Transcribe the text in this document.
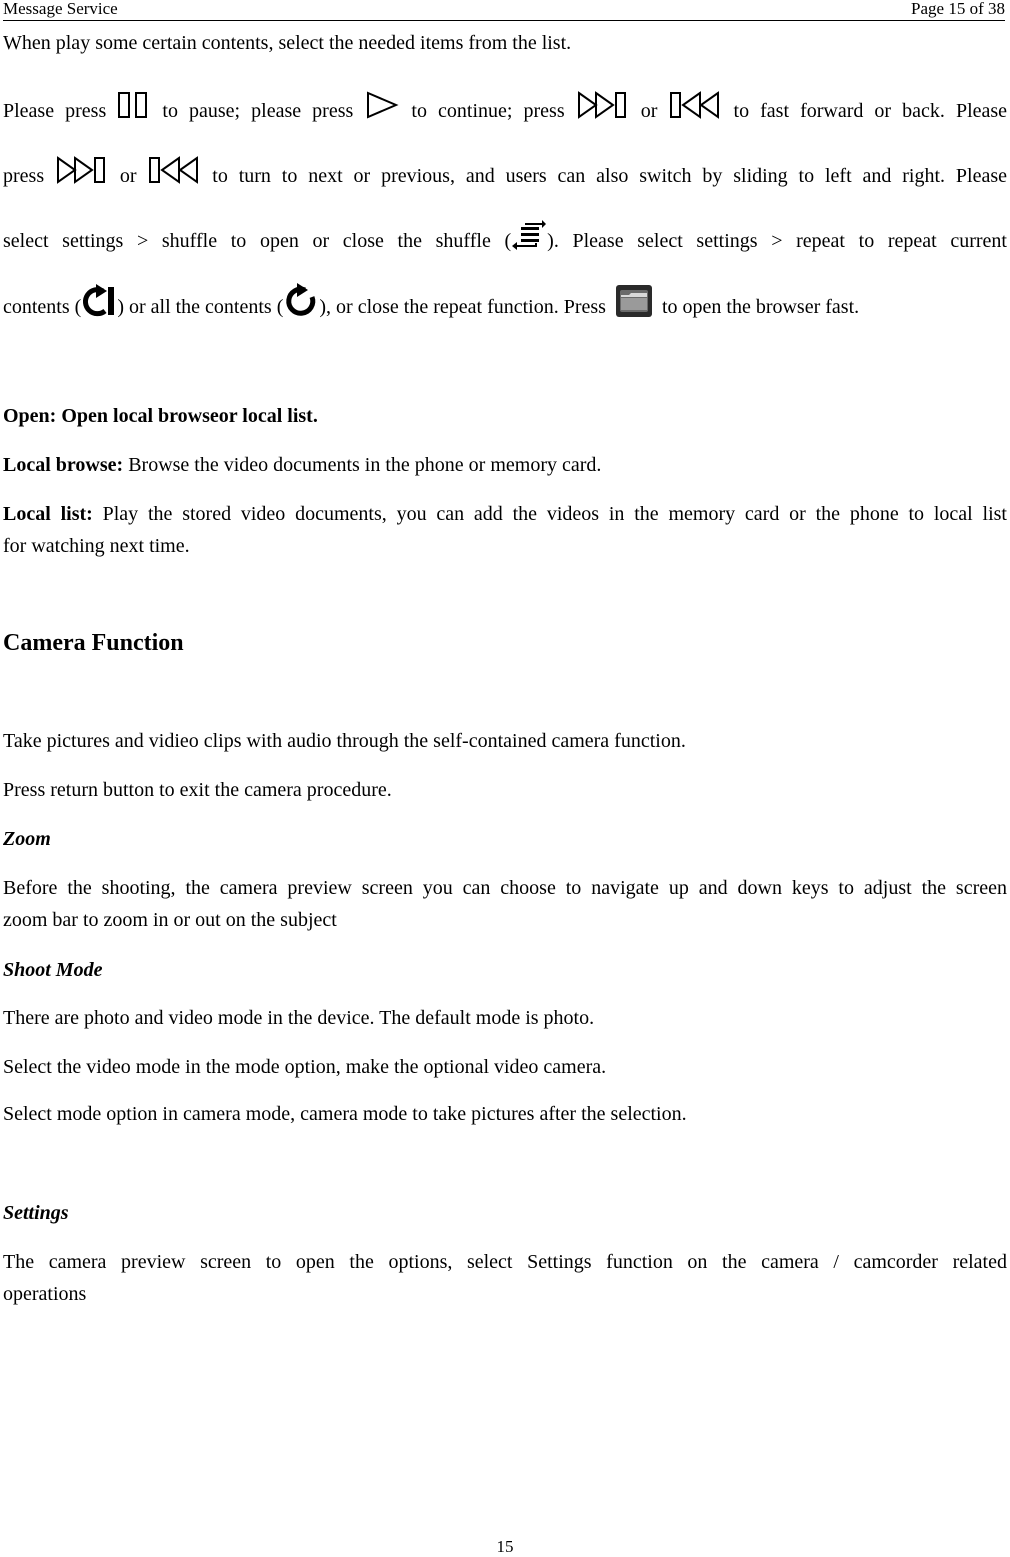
Message Service	Page 15 of 38

When play some certain contents, select the needed items from the list.

Please press	to pause; please press	to continue; press	or	to fast forward or back. Please

press	or	to turn to next or previous, and users can also switch by sliding to left and right. Please

select settings > shuffle to open or close the shuffle ( ). Please select settings > repeat to repeat current

contents ( ) or all the contents ( ), or close the repeat function. Press	to open the browser fast.

Open: Open local browseor local list.

Local browse: Browse the video documents in the phone or memory card.

Local list: Play the stored video documents, you can add the videos in the memory card or the phone to local list

for watching next time.

Camera Function

Take pictures and vidieo clips with audio through the self-contained camera function.

Press return button to exit the camera procedure.

Zoom

Before the shooting, the camera preview screen you can choose to navigate up and down keys to adjust the screen

zoom bar to zoom in or out on the subject

Shoot Mode

There are photo and video mode in the device. The default mode is photo.

Select the video mode in the mode option, make the optional video camera.

Select mode option in camera mode, camera mode to take pictures after the selection.

Settings

The camera preview screen to open the options, select Settings function on the camera / camcorder related

operations

15
